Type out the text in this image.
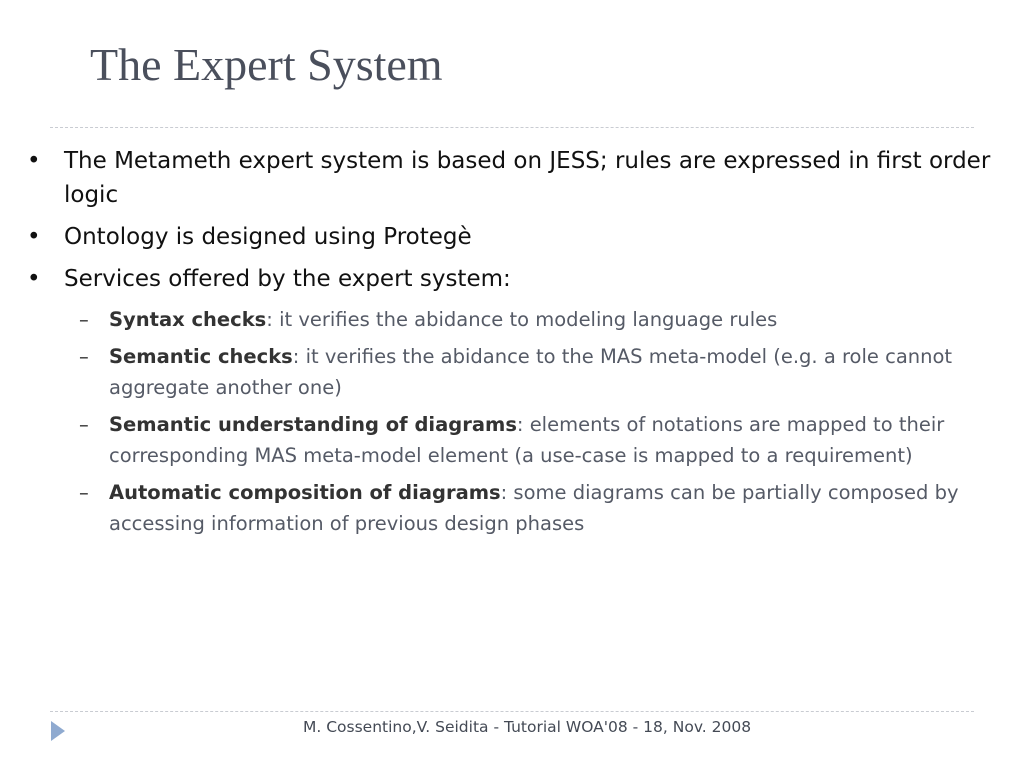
The Expert System
• The Metameth expert system is based on JESS; rules are expressed in first order logic
• Ontology is designed using Protegè
• Services offered by the expert system:
– Syntax checks: it verifies the abidance to modeling language rules
– Semantic checks: it verifies the abidance to the MAS meta-model (e.g. a role cannot aggregate another one)
– Semantic understanding of diagrams: elements of notations are mapped to their corresponding MAS meta-model element (a use-case is mapped to a requirement)
– Automatic composition of diagrams: some diagrams can be partially composed by accessing information of previous design phases
M. Cossentino,V. Seidita - Tutorial WOA'08 - 18, Nov. 2008
